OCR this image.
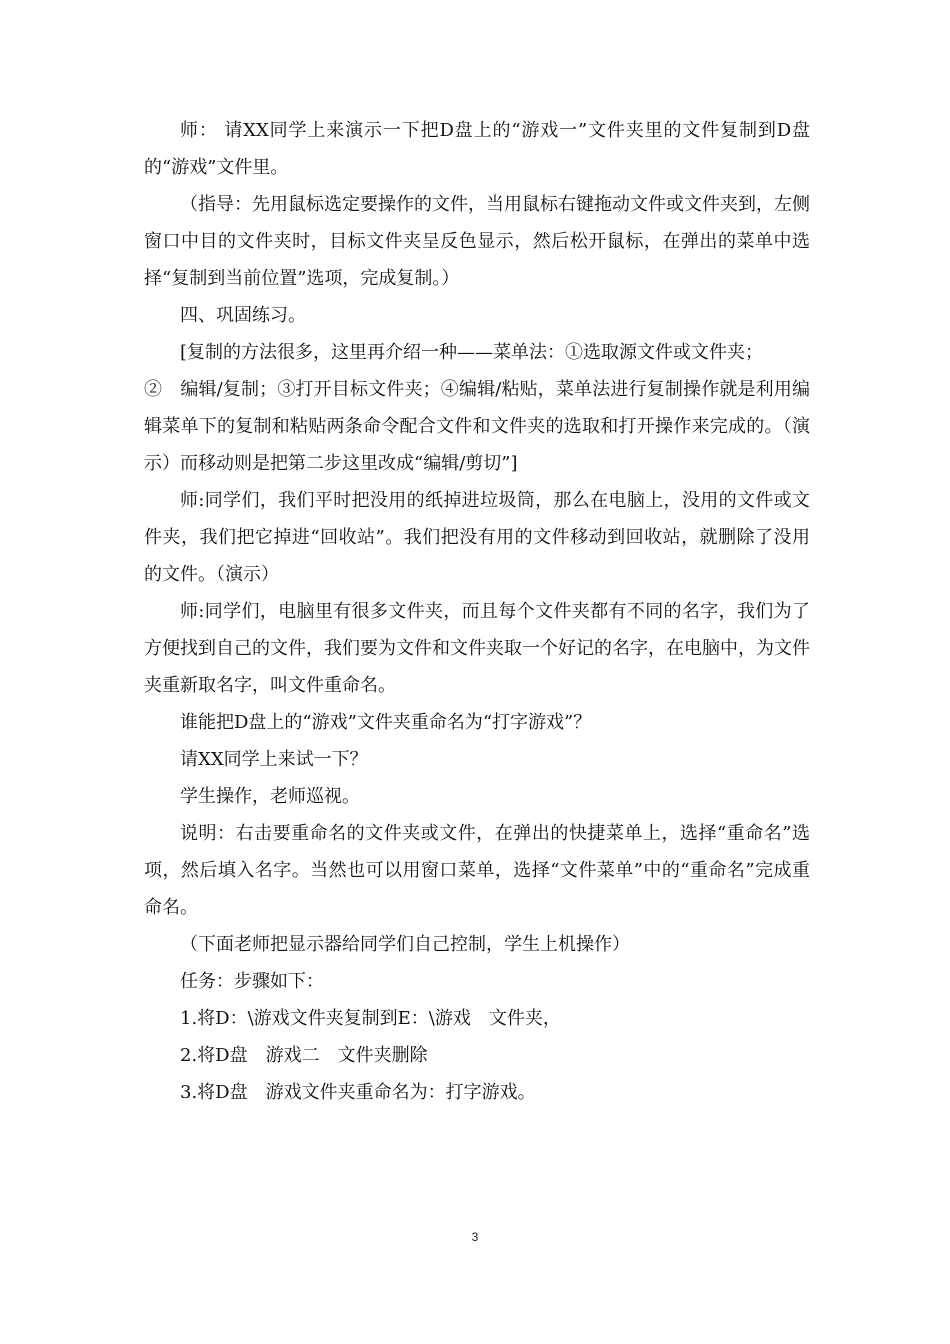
师： 请XX同学上来演示一下把D盘上的“游戏一”文件夹里的文件复制到D盘的“游戏”文件里。

（指导：先用鼠标选定要操作的文件，当用鼠标右键拖动文件或文件夹到，左侧窗口中目的文件夹时，目标文件夹呈反色显示，然后松开鼠标，在弹出的菜单中选择“复制到当前位置”选项，完成复制。）

四、巩固练习。

[复制的方法很多，这里再介绍一种——菜单法：①选取源文件或文件夹；

②　编辑/复制；③打开目标文件夹；④编辑/粘贴，菜单法进行复制操作就是利用编辑菜单下的复制和粘贴两条命令配合文件和文件夹的选取和打开操作来完成的。（演示）而移动则是把第二步这里改成“编辑/剪切”]

师:同学们，我们平时把没用的纸掉进垃圾筒，那么在电脑上，没用的文件或文件夹，我们把它掉进“回收站”。我们把没有用的文件移动到回收站，就删除了没用的文件。（演示）

师:同学们，电脑里有很多文件夹，而且每个文件夹都有不同的名字，我们为了方便找到自己的文件，我们要为文件和文件夹取一个好记的名字，在电脑中，为文件夹重新取名字，叫文件重命名。

谁能把D盘上的“游戏”文件夹重命名为“打字游戏”？

请XX同学上来试一下？

学生操作，老师巡视。

说明：右击要重命名的文件夹或文件，在弹出的快捷菜单上，选择“重命名”选项，然后填入名字。当然也可以用窗口菜单，选择“文件菜单”中的“重命名”完成重命名。

（下面老师把显示器给同学们自己控制，学生上机操作）

任务：步骤如下：

1.将D：\游戏文件夹复制到E：\游戏　文件夹，

2.将D盘　游戏二　文件夹删除

3.将D盘　游戏文件夹重命名为：打字游戏。

3
